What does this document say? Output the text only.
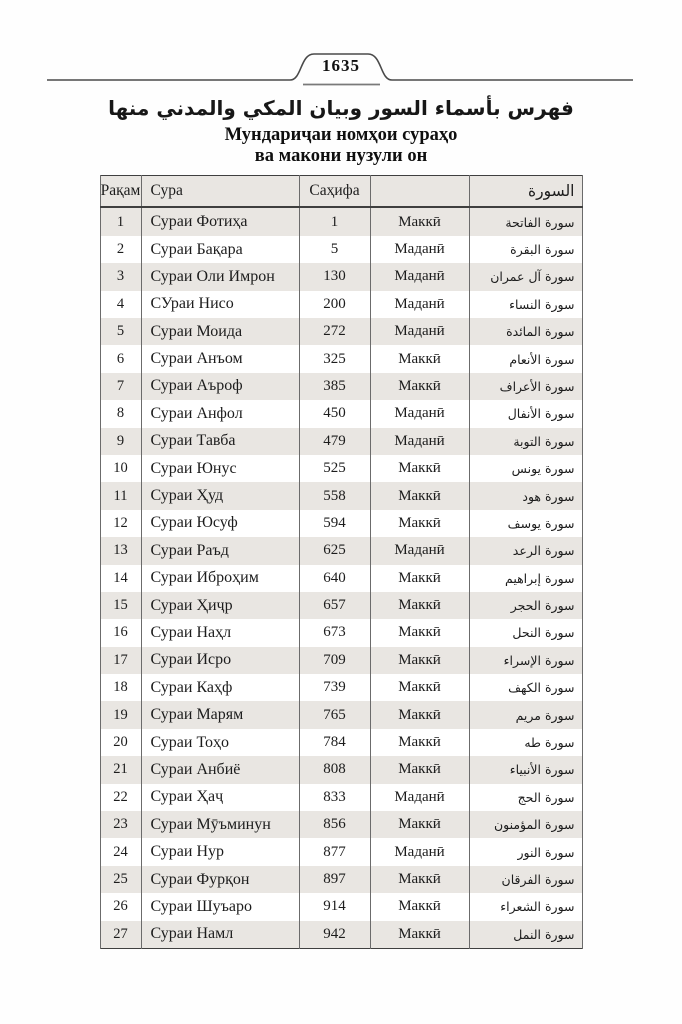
1635
فهرس بأسماء السور وبيان المكي والمدني منها
Мундариҷаи номҳои сураҳо
ва макони нузули он
Рақам	Сура	Саҳифа		السورة
1	Сураи Фотиҳа	1	Маккӣ	سورة الفاتحة
2	Сураи Бақара	5	Маданӣ	سورة البقرة
3	Сураи Оли Имрон	130	Маданӣ	سورة آل عمران
4	СУраи Нисо	200	Маданӣ	سورة النساء
5	Сураи Моида	272	Маданӣ	سورة المائدة
6	Сураи Анъом	325	Маккӣ	سورة الأنعام
7	Сураи Аъроф	385	Маккӣ	سورة الأعراف
8	Сураи Анфол	450	Маданӣ	سورة الأنفال
9	Сураи Тавба	479	Маданӣ	سورة التوبة
10	Сураи Юнус	525	Маккӣ	سورة يونس
11	Сураи Ҳуд	558	Маккӣ	سورة هود
12	Сураи Юсуф	594	Маккӣ	سورة يوسف
13	Сураи Раъд	625	Маданӣ	سورة الرعد
14	Сураи Иброҳим	640	Маккӣ	سورة إبراهيم
15	Сураи Ҳиҷр	657	Маккӣ	سورة الحجر
16	Сураи Наҳл	673	Маккӣ	سورة النحل
17	Сураи Исро	709	Маккӣ	سورة الإسراء
18	Сураи Каҳф	739	Маккӣ	سورة الكهف
19	Сураи Марям	765	Маккӣ	سورة مريم
20	Сураи Тоҳо	784	Маккӣ	سورة طه
21	Сураи Анбиё	808	Маккӣ	سورة الأنبياء
22	Сураи Ҳаҷ	833	Маданӣ	سورة الحج
23	Сураи Мӯъминун	856	Маккӣ	سورة المؤمنون
24	Сураи Нур	877	Маданӣ	سورة النور
25	Сураи Фурқон	897	Маккӣ	سورة الفرقان
26	Сураи Шуъаро	914	Маккӣ	سورة الشعراء
27	Сураи Намл	942	Маккӣ	سورة النمل
